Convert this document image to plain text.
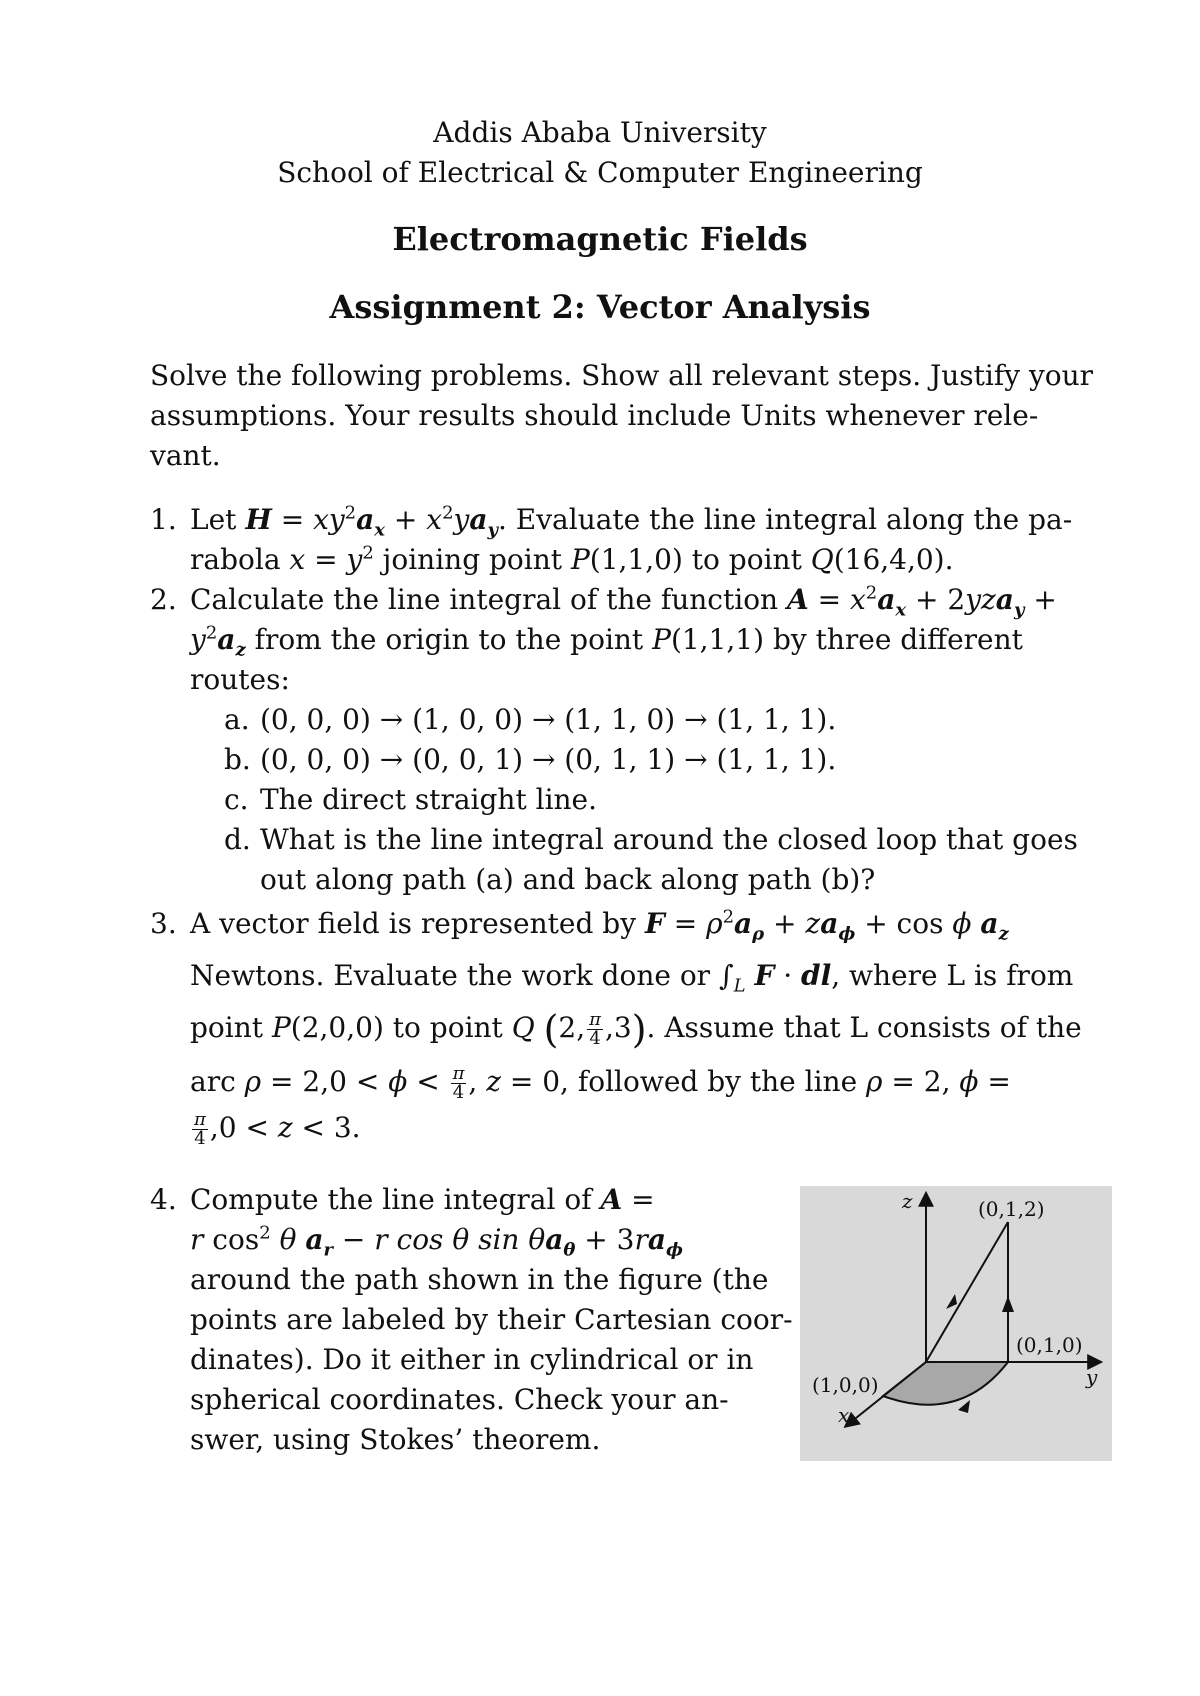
Addis Ababa University
School of Electrical & Computer Engineering
Electromagnetic Fields
Assignment 2: Vector Analysis
Solve the following problems. Show all relevant steps. Justify your
assumptions. Your results should include Units whenever rele-
vant.
1. Let $H = xy^2a_x + x^2ya_y$. Evaluate the line integral along the pa-
rabola $x = y^2$ joining point P(1,1,0) to point Q(16,4,0).
2. Calculate the line integral of the function $A = x^2a_x + 2yza_y$ +
$y^2a_z$ from the origin to the point P(1,1,1) by three different
routes:
a. (0, 0, 0) → (1, 0, 0) → (1, 1, 0) → (1, 1, 1).
b. (0, 0, 0) → (0, 0, 1) → (0, 1, 1) → (1, 1, 1).
c. The direct straight line.
d. What is the line integral around the closed loop that goes
out along path (a) and back along path (b)?
3. A vector field is represented by $F = \rho^2a_\rho + za_\phi + \cos \phi$ $a_z$
Newtons. Evaluate the work done or $\int_L$ F · dl, where L is from
point P(2,0,0) to point Q (2, $\frac{\pi}{4} ,3$). Assume that L consists of the
arc $\rho = 2,0 < \phi < \frac{\pi}{4}$ , z = 0, followed by the line ρ = 2, ϕ =
$\frac{\pi}{4} ,0 < z < 3$.
4. Compute the line integral of A =
r $\cos^2 \theta$ $a_r - r$ cos θ $\sin \theta a_\theta + 3ra_\phi$
around the path shown in the figure (the
points are labeled by their Cartesian coor-
dinates). Do it either in cylindrical or in
spherical coordinates. Check your an-
swer, using Stokes’ theorem.
z
y
x
(0,1,2)
(0,1,0)
(1,0,0)
